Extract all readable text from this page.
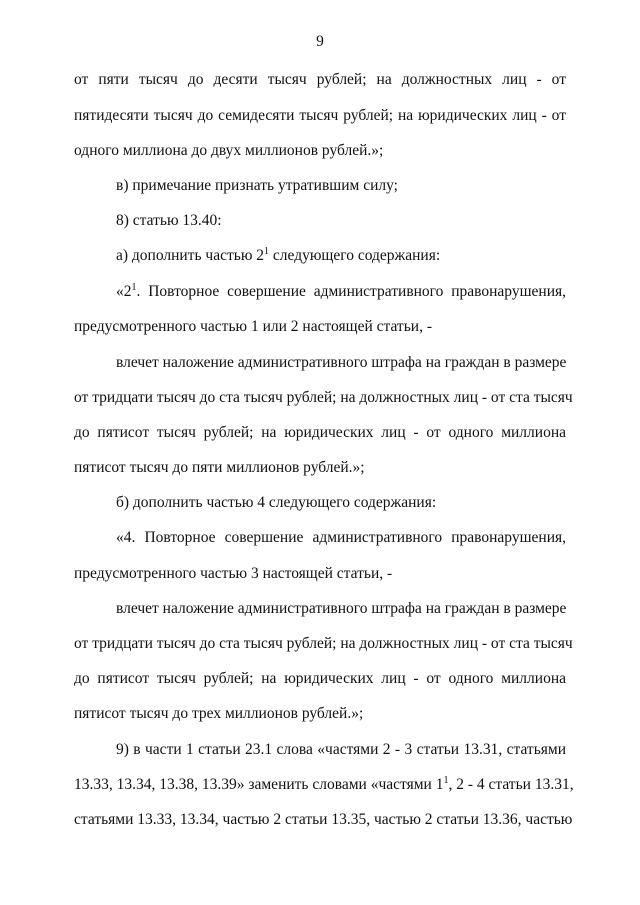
9
от пяти тысяч до десяти тысяч рублей; на должностных лиц - от
пятидесяти тысяч до семидесяти тысяч рублей; на юридических лиц - от
одного миллиона до двух миллионов рублей.»;
в) примечание признать утратившим силу;
8) статью 13.40:
а) дополнить частью $2^1$ следующего содержания:
«$2^1$. Повторное совершение административного правонарушения,
предусмотренного частью 1 или 2 настоящей статьи, -
влечет наложение административного штрафа на граждан в размере
от тридцати тысяч до ста тысяч рублей; на должностных лиц - от ста тысяч
до пятисот тысяч рублей; на юридических лиц - от одного миллиона
пятисот тысяч до пяти миллионов рублей.»;
б) дополнить частью 4 следующего содержания:
«4. Повторное совершение административного правонарушения,
предусмотренного частью 3 настоящей статьи, -
влечет наложение административного штрафа на граждан в размере
от тридцати тысяч до ста тысяч рублей; на должностных лиц - от ста тысяч
до пятисот тысяч рублей; на юридических лиц - от одного миллиона
пятисот тысяч до трех миллионов рублей.»;
9) в части 1 статьи 23.1 слова «частями 2 - 3 статьи 13.31, статьями
13.33, 13.34, 13.38, 13.39» заменить словами «частями $1^1$, 2 - 4 статьи 13.31,
статьями 13.33, 13.34, частью 2 статьи 13.35, частью 2 статьи 13.36, частью
